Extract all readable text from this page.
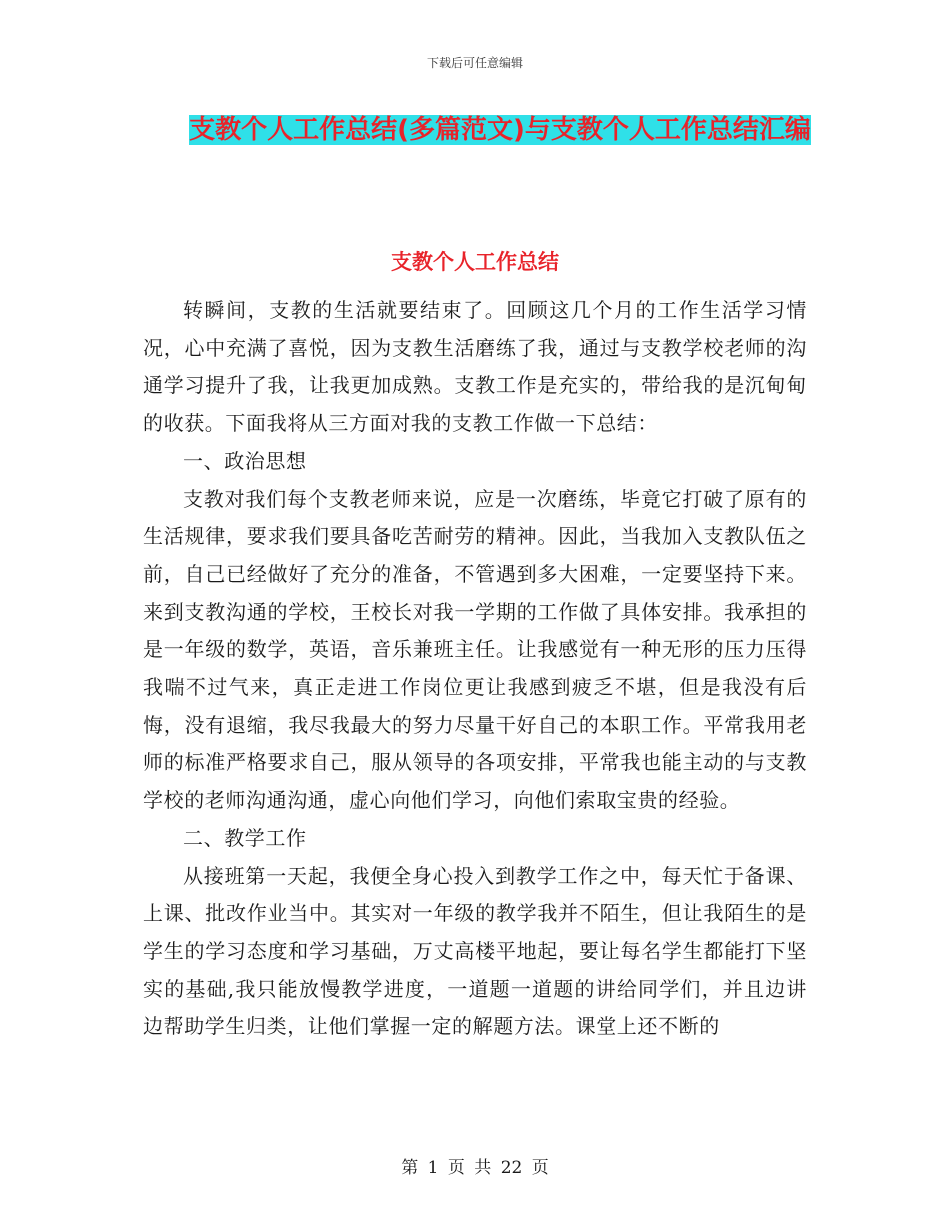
下载后可任意编辑
支教个人工作总结(多篇范文)与支教个人工作总结汇编
支教个人工作总结

转瞬间，支教的生活就要结束了。回顾这几个月的工作生活学习情况，心中充满了喜悦，因为支教生活磨练了我，通过与支教学校老师的沟通学习提升了我，让我更加成熟。支教工作是充实的，带给我的是沉甸甸的收获。下面我将从三方面对我的支教工作做一下总结：

一、政治思想

支教对我们每个支教老师来说，应是一次磨练，毕竟它打破了原有的生活规律，要求我们要具备吃苦耐劳的精神。因此，当我加入支教队伍之前，自己已经做好了充分的准备，不管遇到多大困难，一定要坚持下来。来到支教沟通的学校，王校长对我一学期的工作做了具体安排。我承担的是一年级的数学，英语，音乐兼班主任。让我感觉有一种无形的压力压得我喘不过气来，真正走进工作岗位更让我感到疲乏不堪，但是我没有后悔，没有退缩，我尽我最大的努力尽量干好自己的本职工作。平常我用老师的标准严格要求自己，服从领导的各项安排，平常我也能主动的与支教学校的老师沟通沟通，虚心向他们学习，向他们索取宝贵的经验。

二、教学工作

从接班第一天起，我便全身心投入到教学工作之中，每天忙于备课、上课、批改作业当中。其实对一年级的教学我并不陌生，但让我陌生的是学生的学习态度和学习基础，万丈高楼平地起，要让每名学生都能打下坚实的基础,我只能放慢教学进度，一道题一道题的讲给同学们，并且边讲边帮助学生归类，让他们掌握一定的解题方法。课堂上还不断的

第 1 页 共 22 页
